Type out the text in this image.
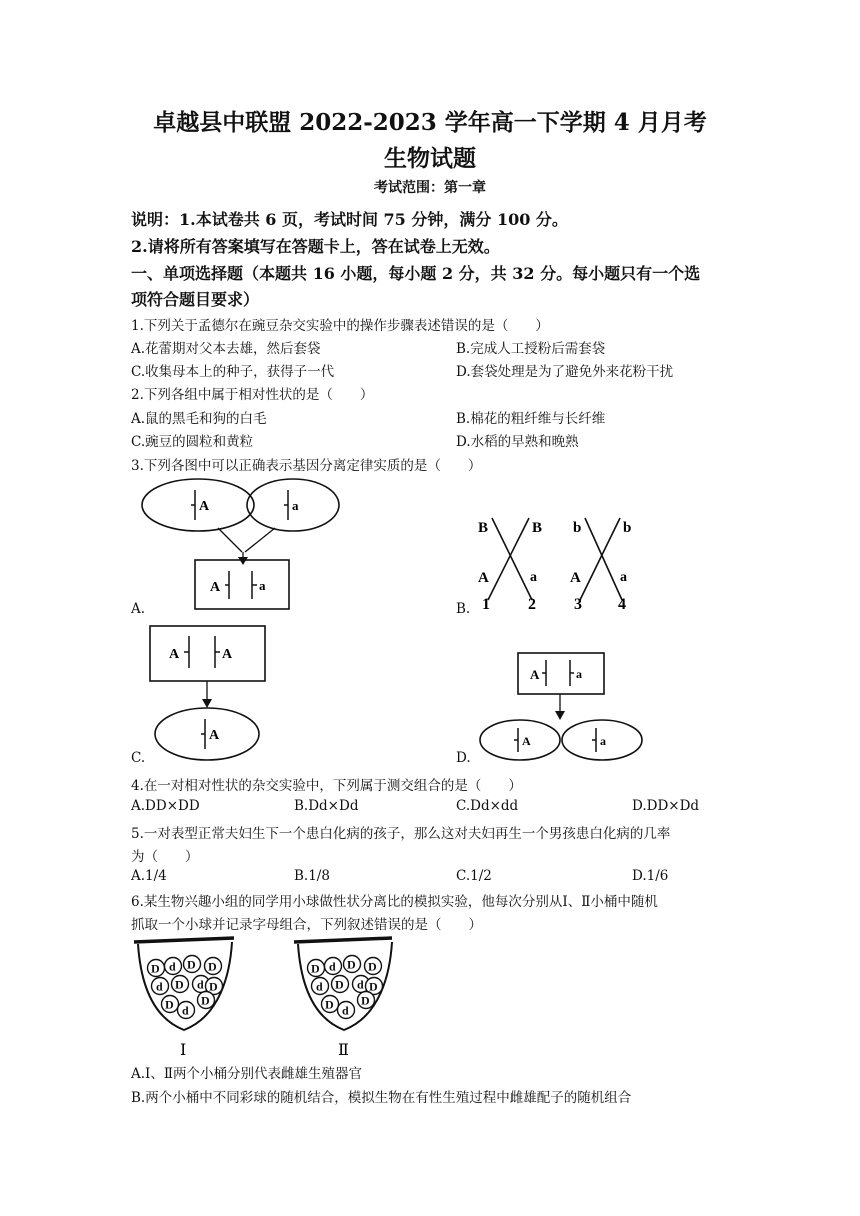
卓越县中联盟 2022-2023 学年高一下学期 4 月月考
生物试题
考试范围：第一章
说明：1.本试卷共 6 页，考试时间 75 分钟，满分 100 分。
2.请将所有答案填写在答题卡上，答在试卷上无效。
一、单项选择题（本题共 16 小题，每小题 2 分，共 32 分。每小题只有一个选
项符合题目要求）
1.下列关于孟德尔在豌豆杂交实验中的操作步骤表述错误的是（　　）
A.花蕾期对父本去雄，然后套袋	B.完成人工授粉后需套袋
C.收集母本上的种子，获得子一代	D.套袋处理是为了避免外来花粉干扰
2.下列各组中属于相对性状的是（　　）
A.鼠的黑毛和狗的白毛	B.棉花的粗纤维与长纤维
C.豌豆的圆粒和黄粒	D.水稻的早熟和晚熟
3.下列各图中可以正确表示基因分离定律实质的是（　　）
A	a
A	a
A.
B	B
A	a
1 2
b	b
A	a
3 4
B.
A	A
A
C.
A	a
A	a
D.
4.在一对相对性状的杂交实验中，下列属于测交组合的是（　　）
A.DD×DD	B.Dd×Dd	C.Dd×dd	D.DD×Dd
5.一对表型正常夫妇生下一个患白化病的孩子，那么这对夫妇再生一个男孩患白化病的几率
为（　　）
A.1/4	B.1/8	C.1/2	D.1/6
6.某生物兴趣小组的同学用小球做性状分离比的模拟实验，他每次分别从Ⅰ、Ⅱ小桶中随机
抓取一个小球并记录字母组合，下列叙述错误的是（　　）
D d D D
d D d D
D D
d
Ⅰ
D d D D
d D d D
D D
d
Ⅱ
A.Ⅰ、Ⅱ两个小桶分别代表雌雄生殖器官
B.两个小桶中不同彩球的随机结合，模拟生物在有性生殖过程中雌雄配子的随机组合
